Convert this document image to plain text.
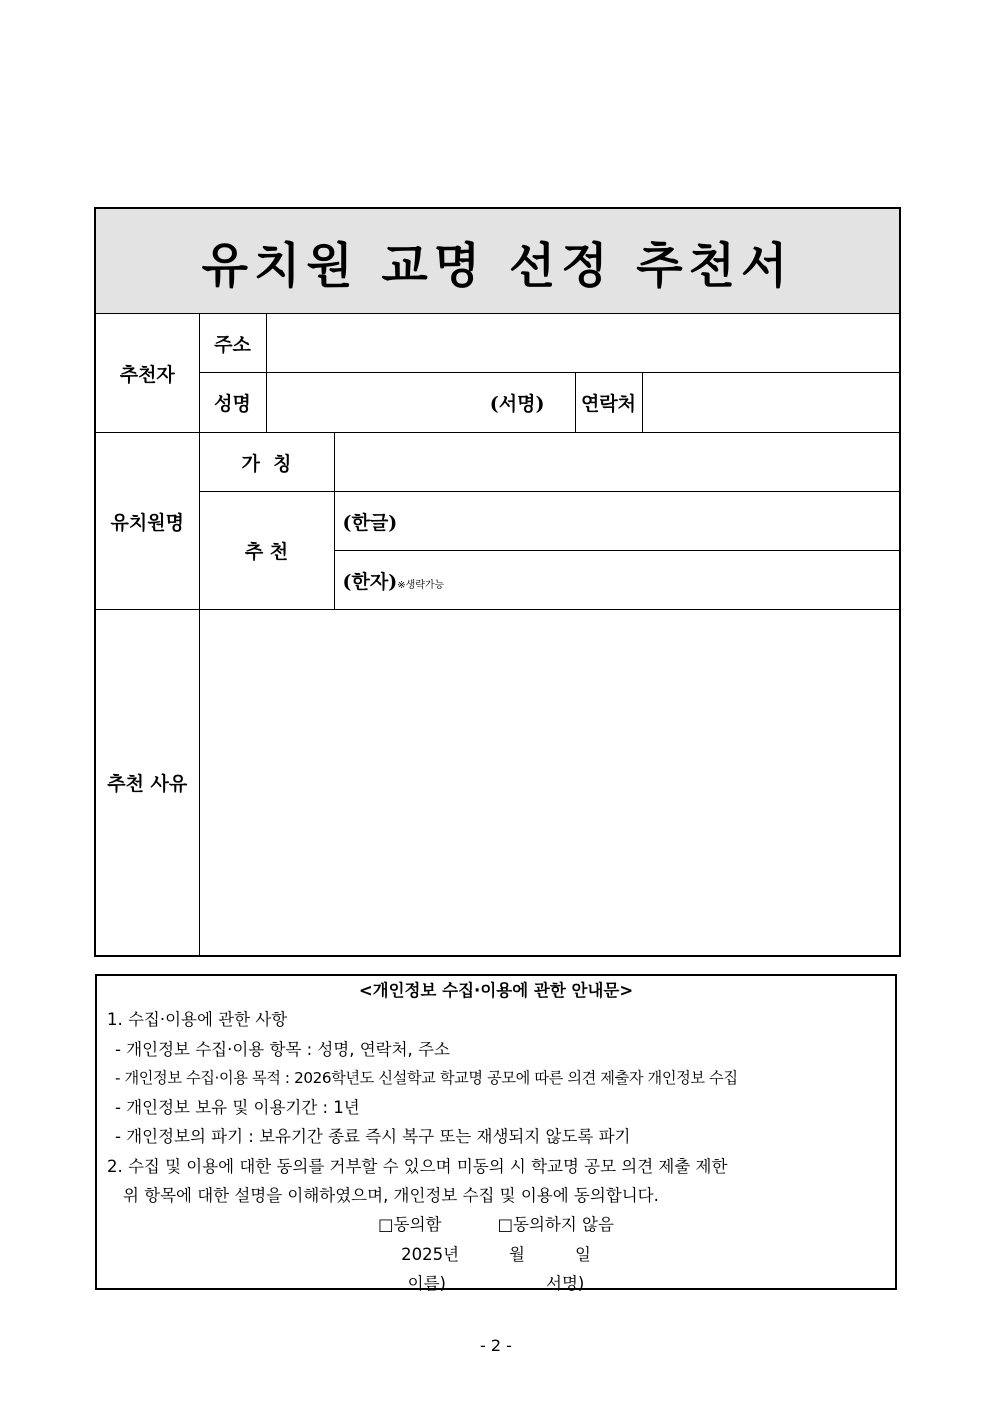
유치원 교명 선정 추천서					
추천자	주소				
	성명	(서명)		연락처	
유치원명	가  칭				
	추 천		(한글)		
			(한자)※생략가능		
추천 사유					
<개인정보 수집·이용에 관한 안내문>
1. 수집·이용에 관한 사항
- 개인정보 수집·이용 항목 : 성명, 연락처, 주소
- 개인정보 수집·이용 목적 : 2026학년도 신설학교 학교명 공모에 따른 의견 제출자 개인정보 수집
- 개인정보 보유 및 이용기간 : 1년
- 개인정보의 파기 : 보유기간 종료 즉시 복구 또는 재생되지 않도록 파기
2. 수집 및 이용에 대한 동의를 거부할 수 있으며 미동의 시 학교명 공모 의견 제출 제한
위 항목에 대한 설명을 이해하였으며, 개인정보 수집 및 이용에 동의합니다.
□동의함	□동의하지 않음
2025년	월	일
이름)	서명)
- 2 -
